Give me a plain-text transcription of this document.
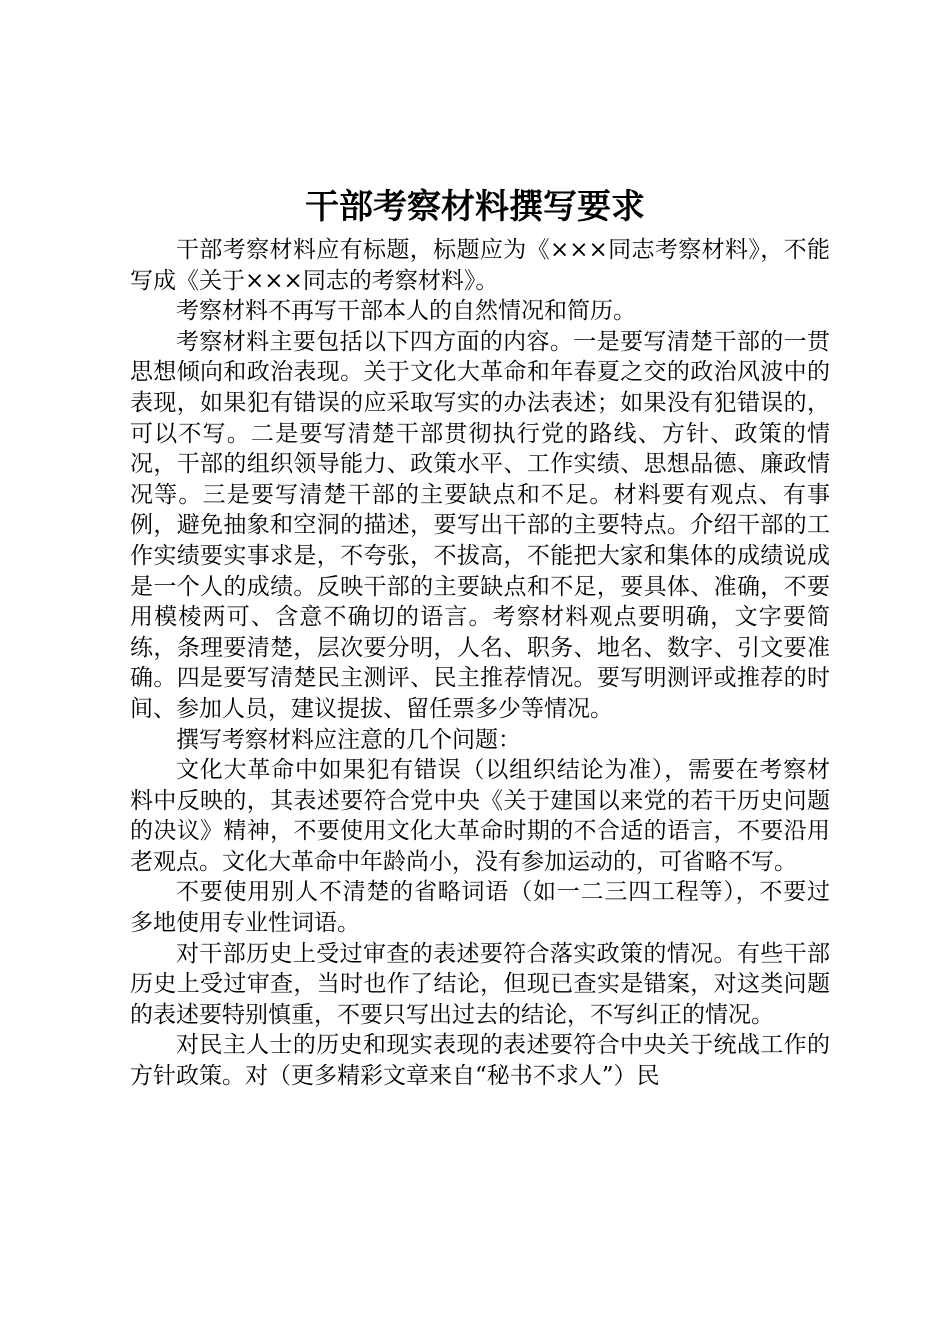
干部考察材料撰写要求

干部考察材料应有标题，标题应为《×××同志考察材料》，不能写成《关于×××同志的考察材料》。

考察材料不再写干部本人的自然情况和简历。

考察材料主要包括以下四方面的内容。一是要写清楚干部的一贯思想倾向和政治表现。关于文化大革命和年春夏之交的政治风波中的表现，如果犯有错误的应采取写实的办法表述；如果没有犯错误的，可以不写。二是要写清楚干部贯彻执行党的路线、方针、政策的情况，干部的组织领导能力、政策水平、工作实绩、思想品德、廉政情况等。三是要写清楚干部的主要缺点和不足。材料要有观点、有事例，避免抽象和空洞的描述，要写出干部的主要特点。介绍干部的工作实绩要实事求是，不夸张，不拔高，不能把大家和集体的成绩说成是一个人的成绩。反映干部的主要缺点和不足，要具体、准确，不要用模棱两可、含意不确切的语言。考察材料观点要明确，文字要简练，条理要清楚，层次要分明，人名、职务、地名、数字、引文要准确。四是要写清楚民主测评、民主推荐情况。要写明测评或推荐的时间、参加人员，建议提拔、留任票多少等情况。

撰写考察材料应注意的几个问题：

文化大革命中如果犯有错误（以组织结论为准），需要在考察材料中反映的，其表述要符合党中央《关于建国以来党的若干历史问题的决议》精神，不要使用文化大革命时期的不合适的语言，不要沿用老观点。文化大革命中年龄尚小，没有参加运动的，可省略不写。

不要使用别人不清楚的省略词语（如一二三四工程等），不要过多地使用专业性词语。

对干部历史上受过审查的表述要符合落实政策的情况。有些干部历史上受过审查，当时也作了结论，但现已查实是错案，对这类问题的表述要特别慎重，不要只写出过去的结论，不写纠正的情况。

对民主人士的历史和现实表现的表述要符合中央关于统战工作的方针政策。对（更多精彩文章来自“秘书不求人”）民
